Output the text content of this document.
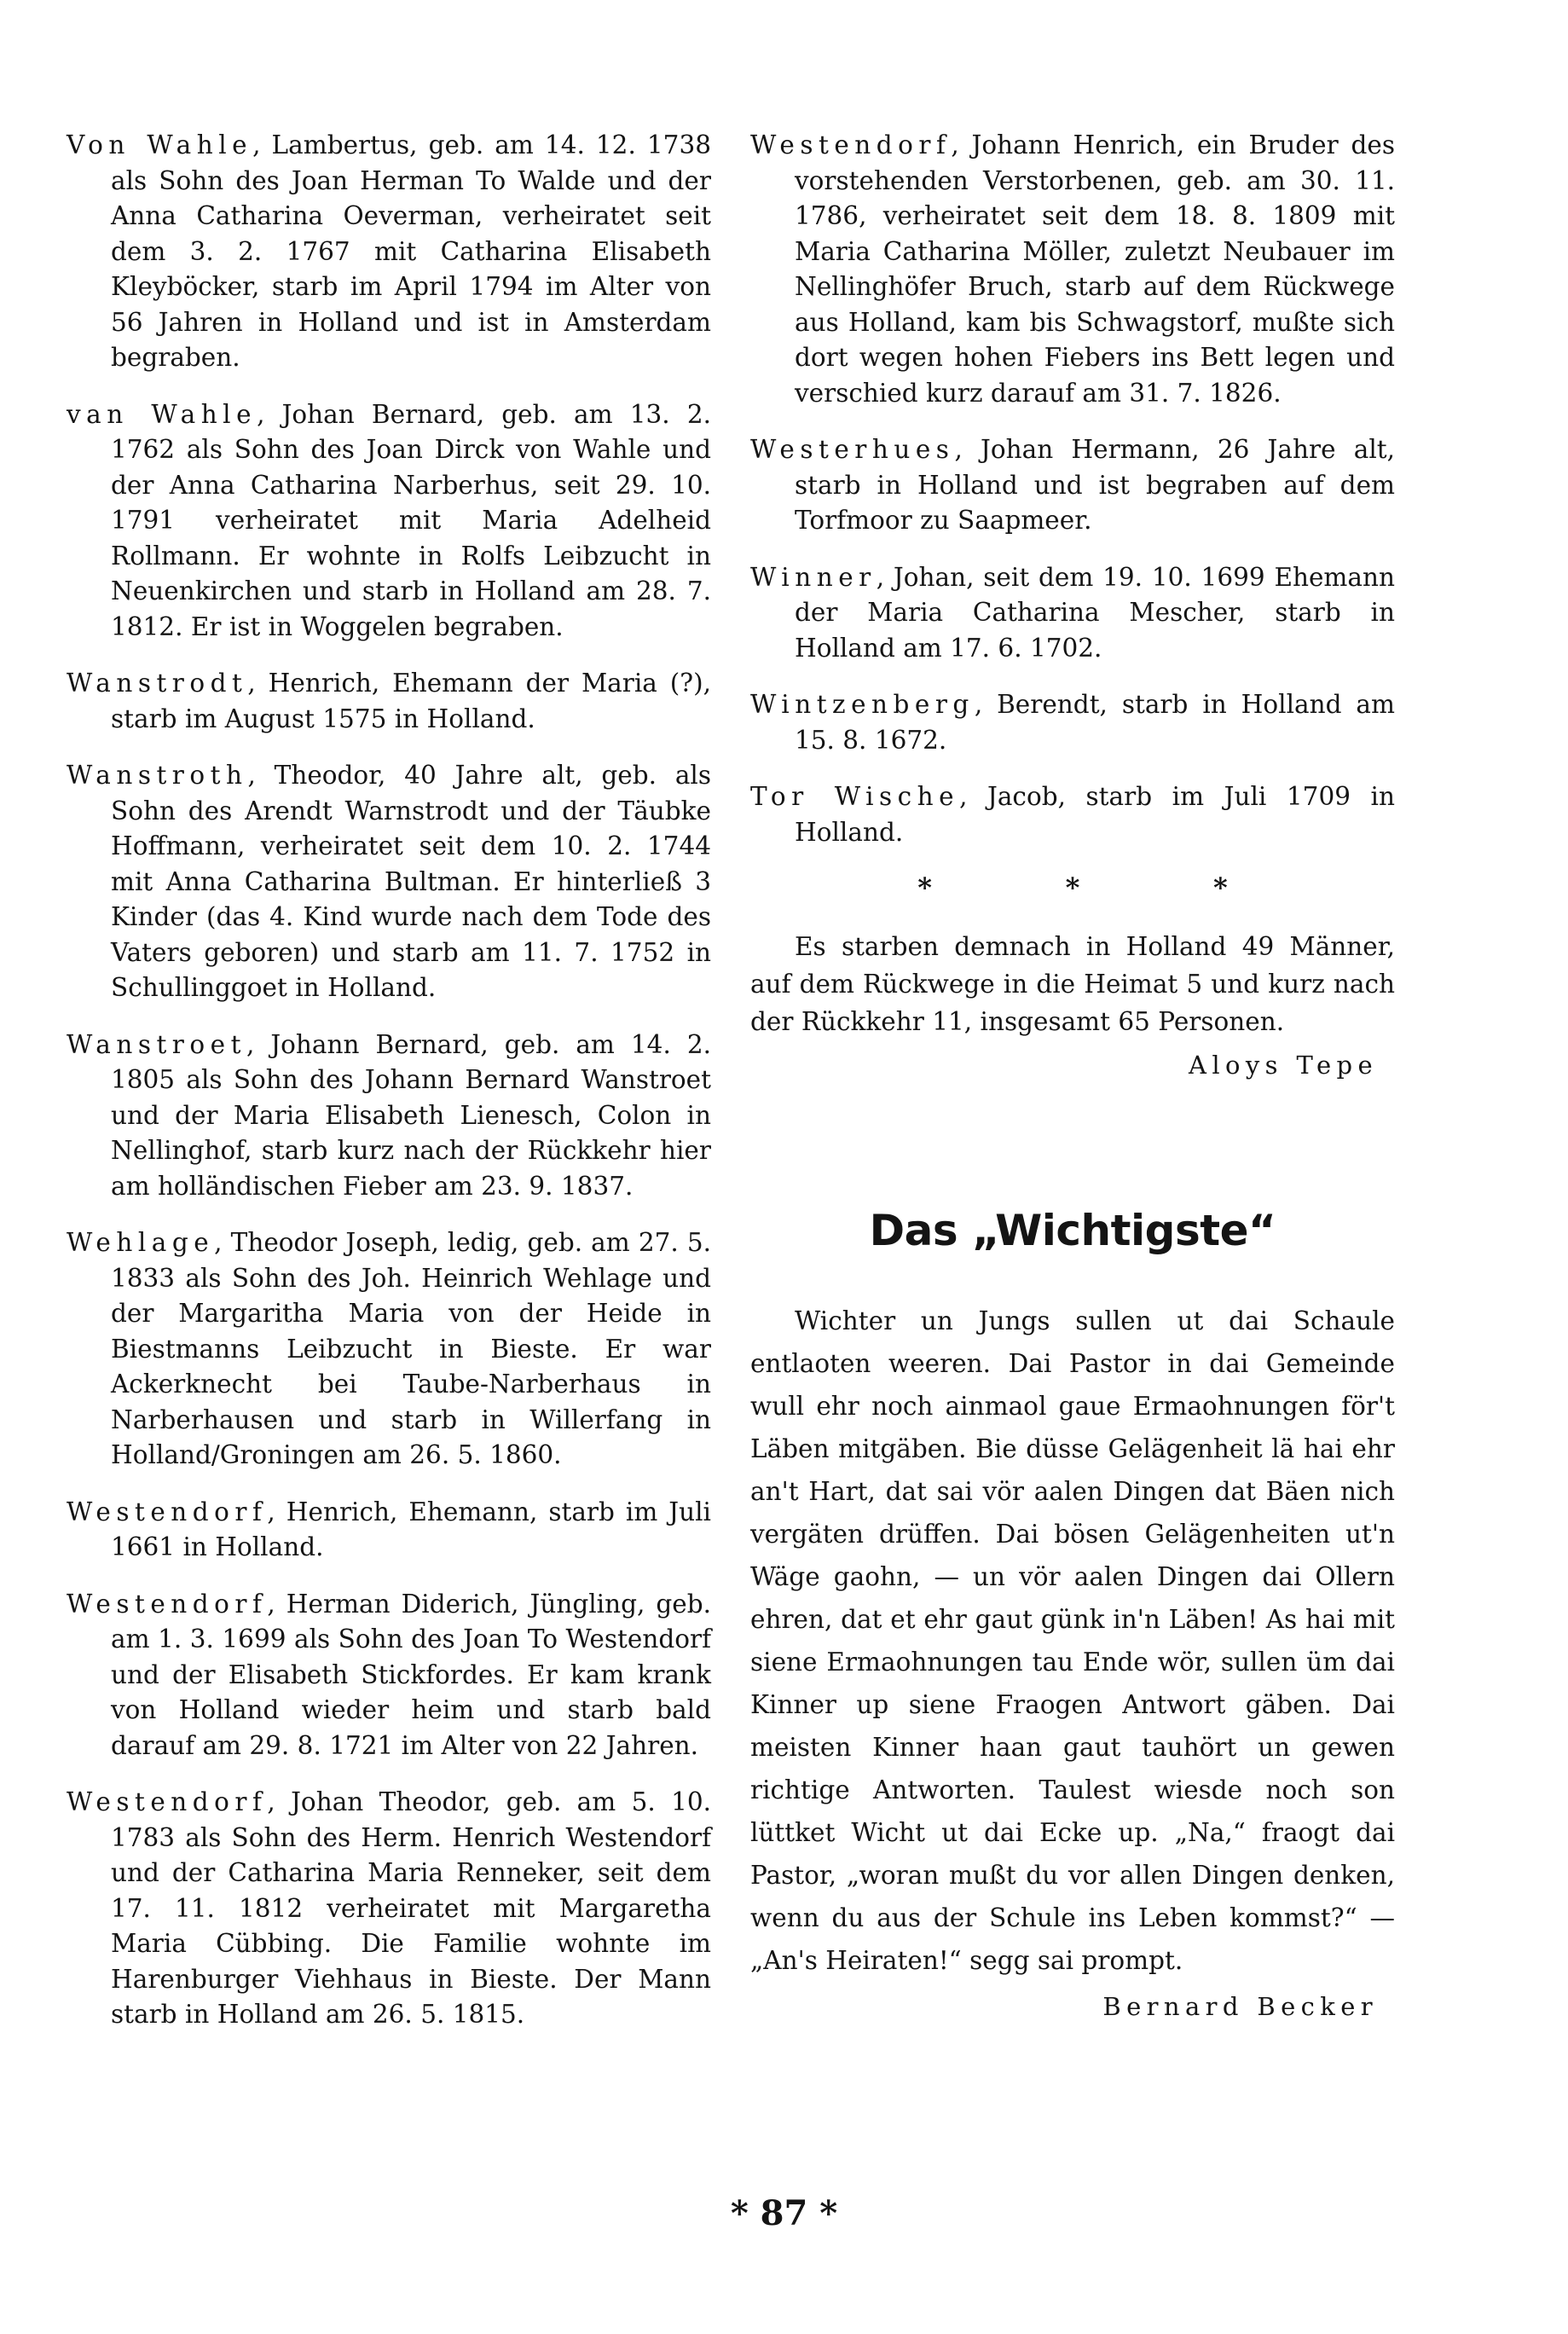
Von Wahle, Lambertus, geb. am 14. 12. 1738 als Sohn des Joan Herman To Walde und der Anna Catharina Oeverman, verheiratet seit dem 3. 2. 1767 mit Catharina Elisabeth Kleyböcker, starb im April 1794 im Alter von 56 Jahren in Holland und ist in Amsterdam begraben.

van Wahle, Johan Bernard, geb. am 13. 2. 1762 als Sohn des Joan Dirck von Wahle und der Anna Catharina Narberhus, seit 29. 10. 1791 verheiratet mit Maria Adelheid Rollmann. Er wohnte in Rolfs Leibzucht in Neuenkirchen und starb in Holland am 28. 7. 1812. Er ist in Woggelen begraben.

Wanstrodt, Henrich, Ehemann der Maria (?), starb im August 1575 in Holland.

Wanstroth, Theodor, 40 Jahre alt, geb. als Sohn des Arendt Warnstrodt und der Täubke Hoffmann, verheiratet seit dem 10. 2. 1744 mit Anna Catharina Bultman. Er hinterließ 3 Kinder (das 4. Kind wurde nach dem Tode des Vaters geboren) und starb am 11. 7. 1752 in Schullinggoet in Holland.

Wanstroet, Johann Bernard, geb. am 14. 2. 1805 als Sohn des Johann Bernard Wanstroet und der Maria Elisabeth Lienesch, Colon in Nellinghof, starb kurz nach der Rückkehr hier am holländischen Fieber am 23. 9. 1837.

Wehlage, Theodor Joseph, ledig, geb. am 27. 5. 1833 als Sohn des Joh. Heinrich Wehlage und der Margaritha Maria von der Heide in Biestmanns Leibzucht in Bieste. Er war Ackerknecht bei Taube-Narberhaus in Narberhausen und starb in Willerfang in Holland/Groningen am 26. 5. 1860.

Westendorf, Henrich, Ehemann, starb im Juli 1661 in Holland.

Westendorf, Herman Diderich, Jüngling, geb. am 1. 3. 1699 als Sohn des Joan To Westendorf und der Elisabeth Stickfordes. Er kam krank von Holland wieder heim und starb bald darauf am 29. 8. 1721 im Alter von 22 Jahren.

Westendorf, Johan Theodor, geb. am 5. 10. 1783 als Sohn des Herm. Henrich Westendorf und der Catharina Maria Renneker, seit dem 17. 11. 1812 verheiratet mit Margaretha Maria Cübbing. Die Familie wohnte im Harenburger Viehhaus in Bieste. Der Mann starb in Holland am 26. 5. 1815.

Westendorf, Johann Henrich, ein Bruder des vorstehenden Verstorbenen, geb. am 30. 11. 1786, verheiratet seit dem 18. 8. 1809 mit Maria Catharina Möller, zuletzt Neubauer im Nellinghöfer Bruch, starb auf dem Rückwege aus Holland, kam bis Schwagstorf, mußte sich dort wegen hohen Fiebers ins Bett legen und verschied kurz darauf am 31. 7. 1826.

Westerhues, Johan Hermann, 26 Jahre alt, starb in Holland und ist begraben auf dem Torfmoor zu Saapmeer.

Winner, Johan, seit dem 19. 10. 1699 Ehemann der Maria Catharina Mescher, starb in Holland am 17. 6. 1702.

Wintzenberg, Berendt, starb in Holland am 15. 8. 1672.

Tor Wische, Jacob, starb im Juli 1709 in Holland.

*	*	*

Es starben demnach in Holland 49 Männer, auf dem Rückwege in die Heimat 5 und kurz nach der Rückkehr 11, insgesamt 65 Personen.

Aloys Tepe
Das „Wichtigste“

Wichter un Jungs sullen ut dai Schaule entlaoten weeren. Dai Pastor in dai Gemeinde wull ehr noch ainmaol gaue Ermaohnungen för't Läben mitgäben. Bie düsse Gelägenheit lä hai ehr an't Hart, dat sai vör aalen Dingen dat Bäen nich vergäten drüffen. Dai bösen Gelägenheiten ut'n Wäge gaohn, — un vör aalen Dingen dai Ollern ehren, dat et ehr gaut günk in'n Läben! As hai mit siene Ermaohnungen tau Ende wör, sullen üm dai Kinner up siene Fraogen Antwort gäben. Dai meisten Kinner haan gaut tauhört un gewen richtige Antworten. Taulest wiesde noch son lüttket Wicht ut dai Ecke up. „Na,“ fraogt dai Pastor, „woran mußt du vor allen Dingen denken, wenn du aus der Schule ins Leben kommst?“ — „An's Heiraten!“ segg sai prompt.

Bernard Becker
* 87 *
